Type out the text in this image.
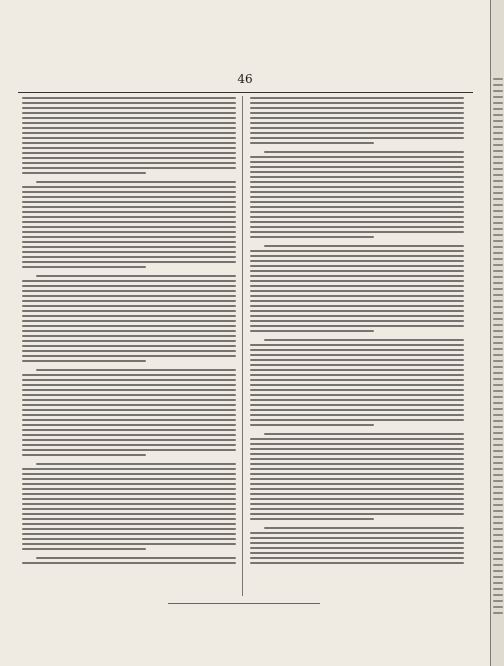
46
